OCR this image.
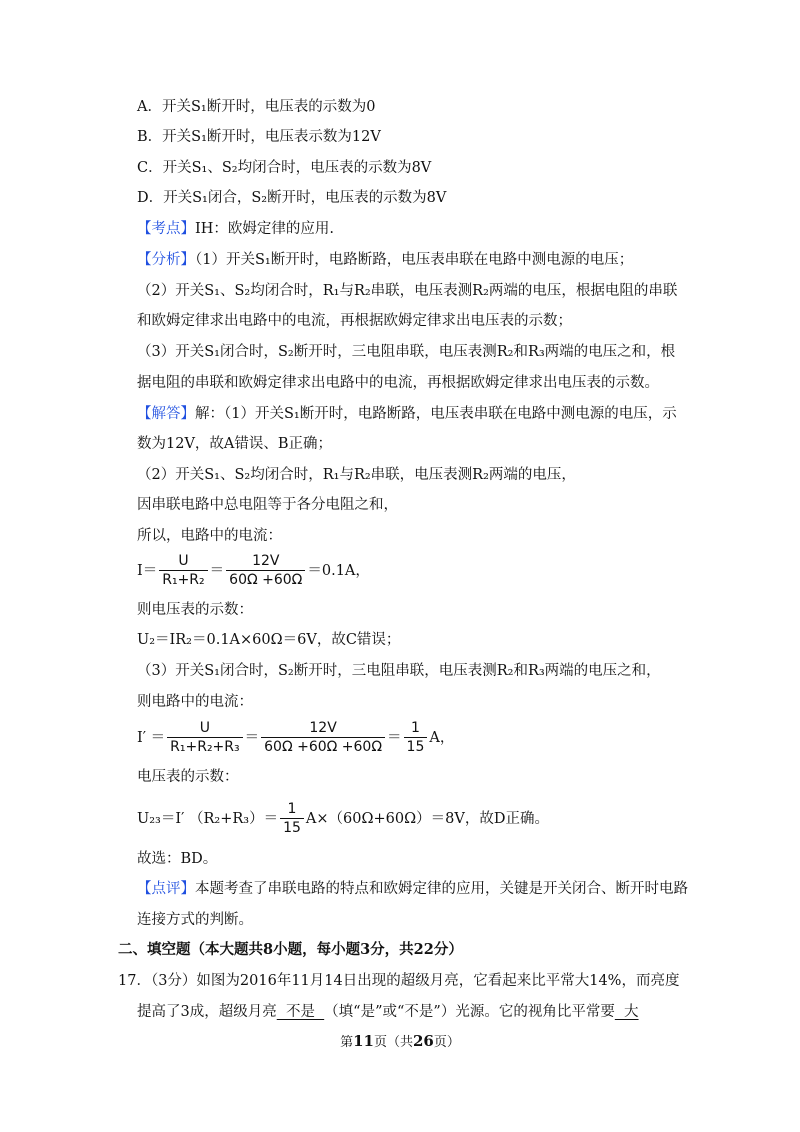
A．开关S₁断开时，电压表的示数为0
B．开关S₁断开时，电压表示数为12V
C．开关S₁、S₂均闭合时，电压表的示数为8V
D．开关S₁闭合，S₂断开时，电压表的示数为8V
【考点】IH：欧姆定律的应用.
【分析】（1）开关S₁断开时，电路断路，电压表串联在电路中测电源的电压；
（2）开关S₁、S₂均闭合时，R₁与R₂串联，电压表测R₂两端的电压，根据电阻的串联
和欧姆定律求出电路中的电流，再根据欧姆定律求出电压表的示数；
（3）开关S₁闭合时，S₂断开时，三电阻串联，电压表测R₂和R₃两端的电压之和，根
据电阻的串联和欧姆定律求出电路中的电流，再根据欧姆定律求出电压表的示数。
【解答】解：（1）开关S₁断开时，电路断路，电压表串联在电路中测电源的电压，示
数为12V，故A错误、B正确；
（2）开关S₁、S₂均闭合时，R₁与R₂串联，电压表测R₂两端的电压，
因串联电路中总电阻等于各分电阻之和，
所以，电路中的电流：
$I= \frac{U}{\text{R₁+R₂}} = \frac{12V}{60\Omega +60\Omega} =0.1A$，
则电压表的示数：
U₂＝IR₂＝0.1A×60Ω＝6V，故C错误；
（3）开关S₁闭合时，S₂断开时，三电阻串联，电压表测R₂和R₃两端的电压之和，
则电路中的电流：
$I' = \frac{U}{\text{R₁+R₂+R₃}} = \frac{12V}{60\Omega +60\Omega +60\Omega} = \frac{1}{15}$ A，
电压表的示数：
U₂₃＝I′ $(R_2+R_3)= \frac{1}{15} A\times(60\Omega+60\Omega)=8V$，故D正确。
故选：BD。
【点评】本题考查了串联电路的特点和欧姆定律的应用，关键是开关闭合、断开时电路
连接方式的判断。
二、填空题（本大题共8小题，每小题3分，共22分）
17．（3分）如图为2016年11月14日出现的超级月亮，它看起来比平常大14%，而亮度
提高了3成，超级月亮  不是  （填“是”或“不是”）光源。它的视角比平常要  大
第11页（共26页）
